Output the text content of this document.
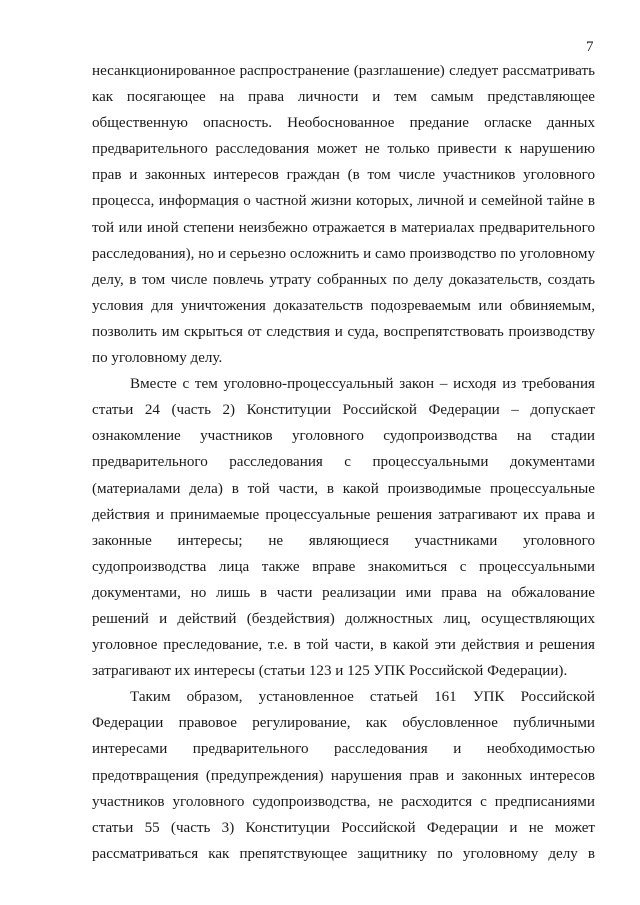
7
несанкционированное распространение (разглашение) следует рассматривать
как посягающее на права личности и тем самым представляющее
общественную опасность. Необоснованное предание огласке данных
предварительного расследования может не только привести к нарушению
прав и законных интересов граждан (в том числе участников уголовного
процесса, информация о частной жизни которых, личной и семейной тайне в
той или иной степени неизбежно отражается в материалах предварительного
расследования), но и серьезно осложнить и само производство по уголовному
делу, в том числе повлечь утрату собранных по делу доказательств, создать
условия для уничтожения доказательств подозреваемым или обвиняемым,
позволить им скрыться от следствия и суда, воспрепятствовать производству
по уголовному делу.
Вместе с тем уголовно-процессуальный закон – исходя из требования
статьи 24 (часть 2) Конституции Российской Федерации – допускает
ознакомление участников уголовного судопроизводства на стадии
предварительного расследования с процессуальными документами
(материалами дела) в той части, в какой производимые процессуальные
действия и принимаемые процессуальные решения затрагивают их права и
законные интересы; не являющиеся участниками уголовного
судопроизводства лица также вправе знакомиться с процессуальными
документами, но лишь в части реализации ими права на обжалование
решений и действий (бездействия) должностных лиц, осуществляющих
уголовное преследование, т.е. в той части, в какой эти действия и решения
затрагивают их интересы (статьи 123 и 125 УПК Российской Федерации).
Таким образом, установленное статьей 161 УПК Российской
Федерации правовое регулирование, как обусловленное публичными
интересами предварительного расследования и необходимостью
предотвращения (предупреждения) нарушения прав и законных интересов
участников уголовного судопроизводства, не расходится с предписаниями
статьи 55 (часть 3) Конституции Российской Федерации и не может
рассматриваться как препятствующее защитнику по уголовному делу в
